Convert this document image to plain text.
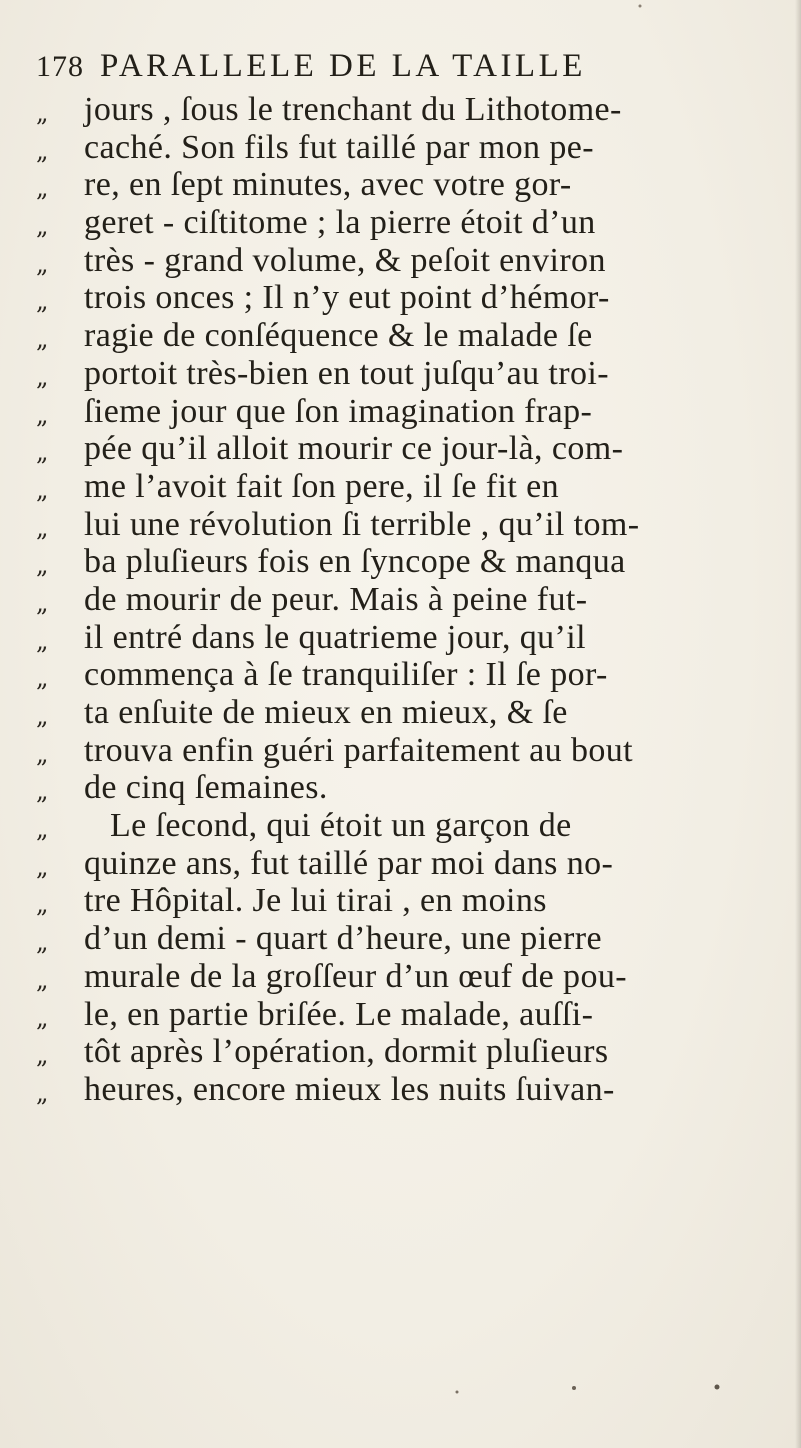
178 PARALLELE DE LA TAILLE
„ jours , ſous le trenchant du Lithotome-
„ caché. Son fils fut taillé par mon pe-
„ re, en ſept minutes, avec votre gor-
„ geret - ciſtitome ; la pierre étoit d’un
„ très - grand volume, & peſoit environ
„ trois onces ; Il n’y eut point d’hémor-
„ ragie de conſéquence & le malade ſe
„ portoit très-bien en tout juſqu’au troi-
„ ſieme jour que ſon imagination frap-
„ pée qu’il alloit mourir ce jour-là, com-
„ me l’avoit fait ſon pere, il ſe fit en
„ lui une révolution ſi terrible , qu’il tom-
„ ba pluſieurs fois en ſyncope & manqua
„ de mourir de peur. Mais à peine fut-
„ il entré dans le quatrieme jour, qu’il
„ commença à ſe tranquiliſer : Il ſe por-
„ ta enſuite de mieux en mieux, & ſe
„ trouva enfin guéri parfaitement au bout
„ de cinq ſemaines.
„ Le ſecond, qui étoit un garçon de
„ quinze ans, fut taillé par moi dans no-
„ tre Hôpital. Je lui tirai , en moins
„ d’un demi - quart d’heure, une pierre
„ murale de la groſſeur d’un œuf de pou-
„ le, en partie briſée. Le malade, auſſi-
„ tôt après l’opération, dormit pluſieurs
„ heures, encore mieux les nuits ſuivan-
